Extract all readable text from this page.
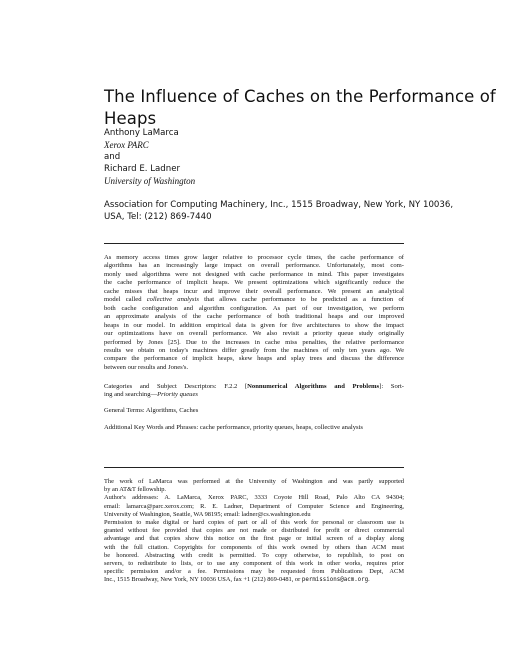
The Influence of Caches on the Performance of
Heaps
Anthony LaMarca
Xerox PARC
and
Richard E. Ladner
University of Washington
Association for Computing Machinery, Inc., 1515 Broadway, New York, NY 10036,
USA, Tel: (212) 869-7440
As memory access times grow larger relative to processor cycle times, the cache performance of
algorithms has an increasingly large impact on overall performance. Unfortunately, most com-
monly used algorithms were not designed with cache performance in mind. This paper investigates
the cache performance of implicit heaps. We present optimizations which significantly reduce the
cache misses that heaps incur and improve their overall performance. We present an analytical
model called collective analysis that allows cache performance to be predicted as a function of
both cache configuration and algorithm configuration. As part of our investigation, we perform
an approximate analysis of the cache performance of both traditional heaps and our improved
heaps in our model. In addition empirical data is given for five architectures to show the impact
our optimizations have on overall performance. We also revisit a priority queue study originally
performed by Jones [25]. Due to the increases in cache miss penalties, the relative performance
results we obtain on today's machines differ greatly from the machines of only ten years ago. We
compare the performance of implicit heaps, skew heaps and splay trees and discuss the difference
between our results and Jones's.
Categories and Subject Descriptors: F.2.2 [Nonnumerical Algorithms and Problems]: Sort-
ing and searching—Priority queues
General Terms: Algorithms, Caches
Additional Key Words and Phrases: cache performance, priority queues, heaps, collective analysis
The work of LaMarca was performed at the University of Washington and was partly supported
by an AT&T fellowship.
Author's addresses: A. LaMarca, Xerox PARC, 3333 Coyote Hill Road, Palo Alto CA 94304;
email: lamarca@parc.xerox.com; R. E. Ladner, Department of Computer Science and Engineering,
University of Washington, Seattle, WA 98195; email: ladner@cs.washington.edu
Permission to make digital or hard copies of part or all of this work for personal or classroom use is
granted without fee provided that copies are not made or distributed for profit or direct commercial
advantage and that copies show this notice on the first page or initial screen of a display along
with the full citation. Copyrights for components of this work owned by others than ACM must
be honored. Abstracting with credit is permitted. To copy otherwise, to republish, to post on
servers, to redistribute to lists, or to use any component of this work in other works, requires prior
specific permission and/or a fee. Permissions may be requested from Publications Dept, ACM
Inc., 1515 Broadway, New York, NY 10036 USA, fax +1 (212) 869-0481, or permissions@acm.org.
